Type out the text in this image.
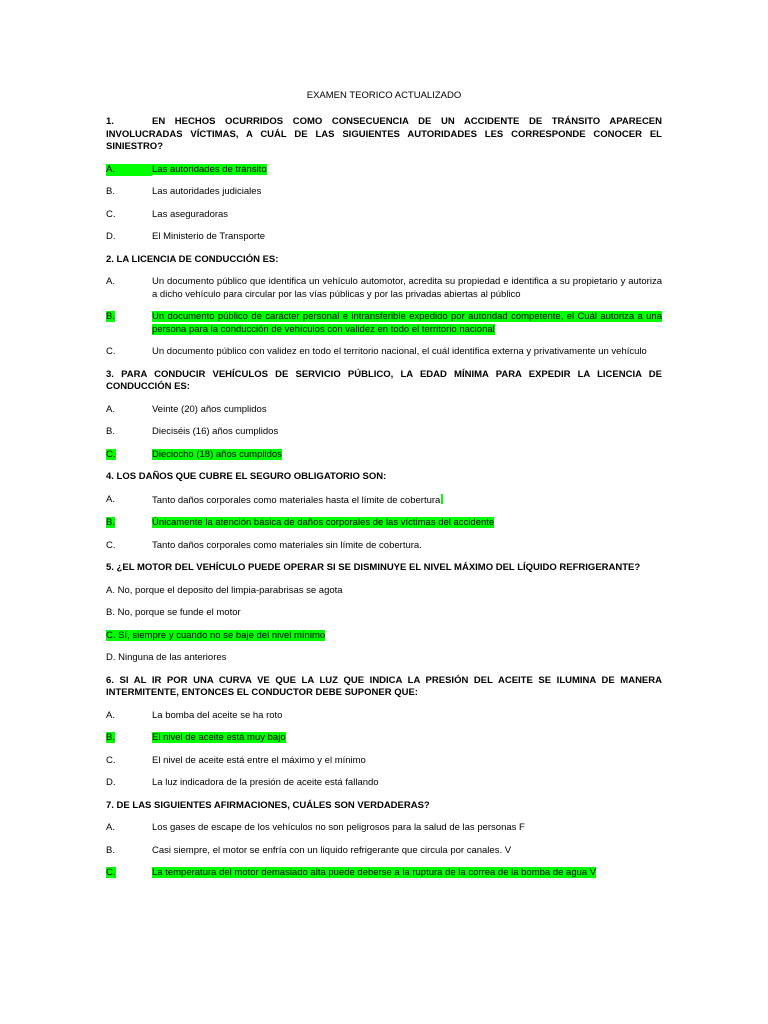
EXAMEN TEORICO ACTUALIZADO
1.	EN HECHOS OCURRIDOS COMO CONSECUENCIA DE UN ACCIDENTE DE TRÁNSITO APARECEN INVOLUCRADAS VÍCTIMAS, A CUÁL DE LAS SIGUIENTES AUTORIDADES LES CORRESPONDE CONOCER EL SINIESTRO?
A.	Las autoridades de tránsito
B.	Las autoridades judiciales
C.	Las aseguradoras
D.	El Ministerio de Transporte
2. LA LICENCIA DE CONDUCCIÓN ES:
A.	Un documento público que identifica un vehículo automotor, acredita su propiedad e identifica a su propietario y autoriza a dicho vehículo para circular por las vías públicas y por las privadas abiertas al público
B.	Un documento público de carácter personal e intransferible expedido por autoridad competente, el Cuál autoriza a una persona para la conducción de vehículos con validez en todo el territorio nacional
C.	Un documento público con validez en todo el territorio nacional, el cuál identifica externa y privativamente un vehículo
3. PARA CONDUCIR VEHÍCULOS DE SERVICIO PÚBLICO, LA EDAD MÍNIMA PARA EXPEDIR LA LICENCIA DE CONDUCCIÓN ES:
A.	Veinte (20) años cumplidos
B.	Dieciséis (16) años cumplidos
C.	Dieciocho (18) años cumplidos
4. LOS DAÑOS QUE CUBRE EL SEGURO OBLIGATORIO SON:
A.	Tanto daños corporales como materiales hasta el límite de cobertura
B.	Únicamente la atención básica de daños corporales de las víctimas del accidente
C.	Tanto daños corporales como materiales sin límite de cobertura.
5. ¿EL MOTOR DEL VEHÍCULO PUEDE OPERAR SI SE DISMINUYE EL NIVEL MÁXIMO DEL LÍQUIDO REFRIGERANTE?
A. No, porque el deposito del limpia-parabrisas se agota
B. No, porque se funde el motor
C. Sí, siempre y cuando no se baje del nivel mínimo
D. Ninguna de las anteriores
6. SI AL IR POR UNA CURVA VE QUE LA LUZ QUE INDICA LA PRESIÓN DEL ACEITE SE ILUMINA DE MANERA INTERMITENTE, ENTONCES EL CONDUCTOR DEBE SUPONER QUE:
A.	La bomba del aceite se ha roto
B.	El nivel de aceite está muy bajo
C.	El nivel de aceite está entre el máximo y el mínimo
D.	La luz indicadora de la presión de aceite está fallando
7. DE LAS SIGUIENTES AFIRMACIONES, CUÁLES SON VERDADERAS?
A.	Los gases de escape de los vehículos no son peligrosos para la salud de las personas F
B.	Casi siempre, el motor se enfría con un liquido refrigerante que circula por canales. V
C.	La temperatura del motor demasiado alta puede deberse a la ruptura de la correa de la bomba de agua V
